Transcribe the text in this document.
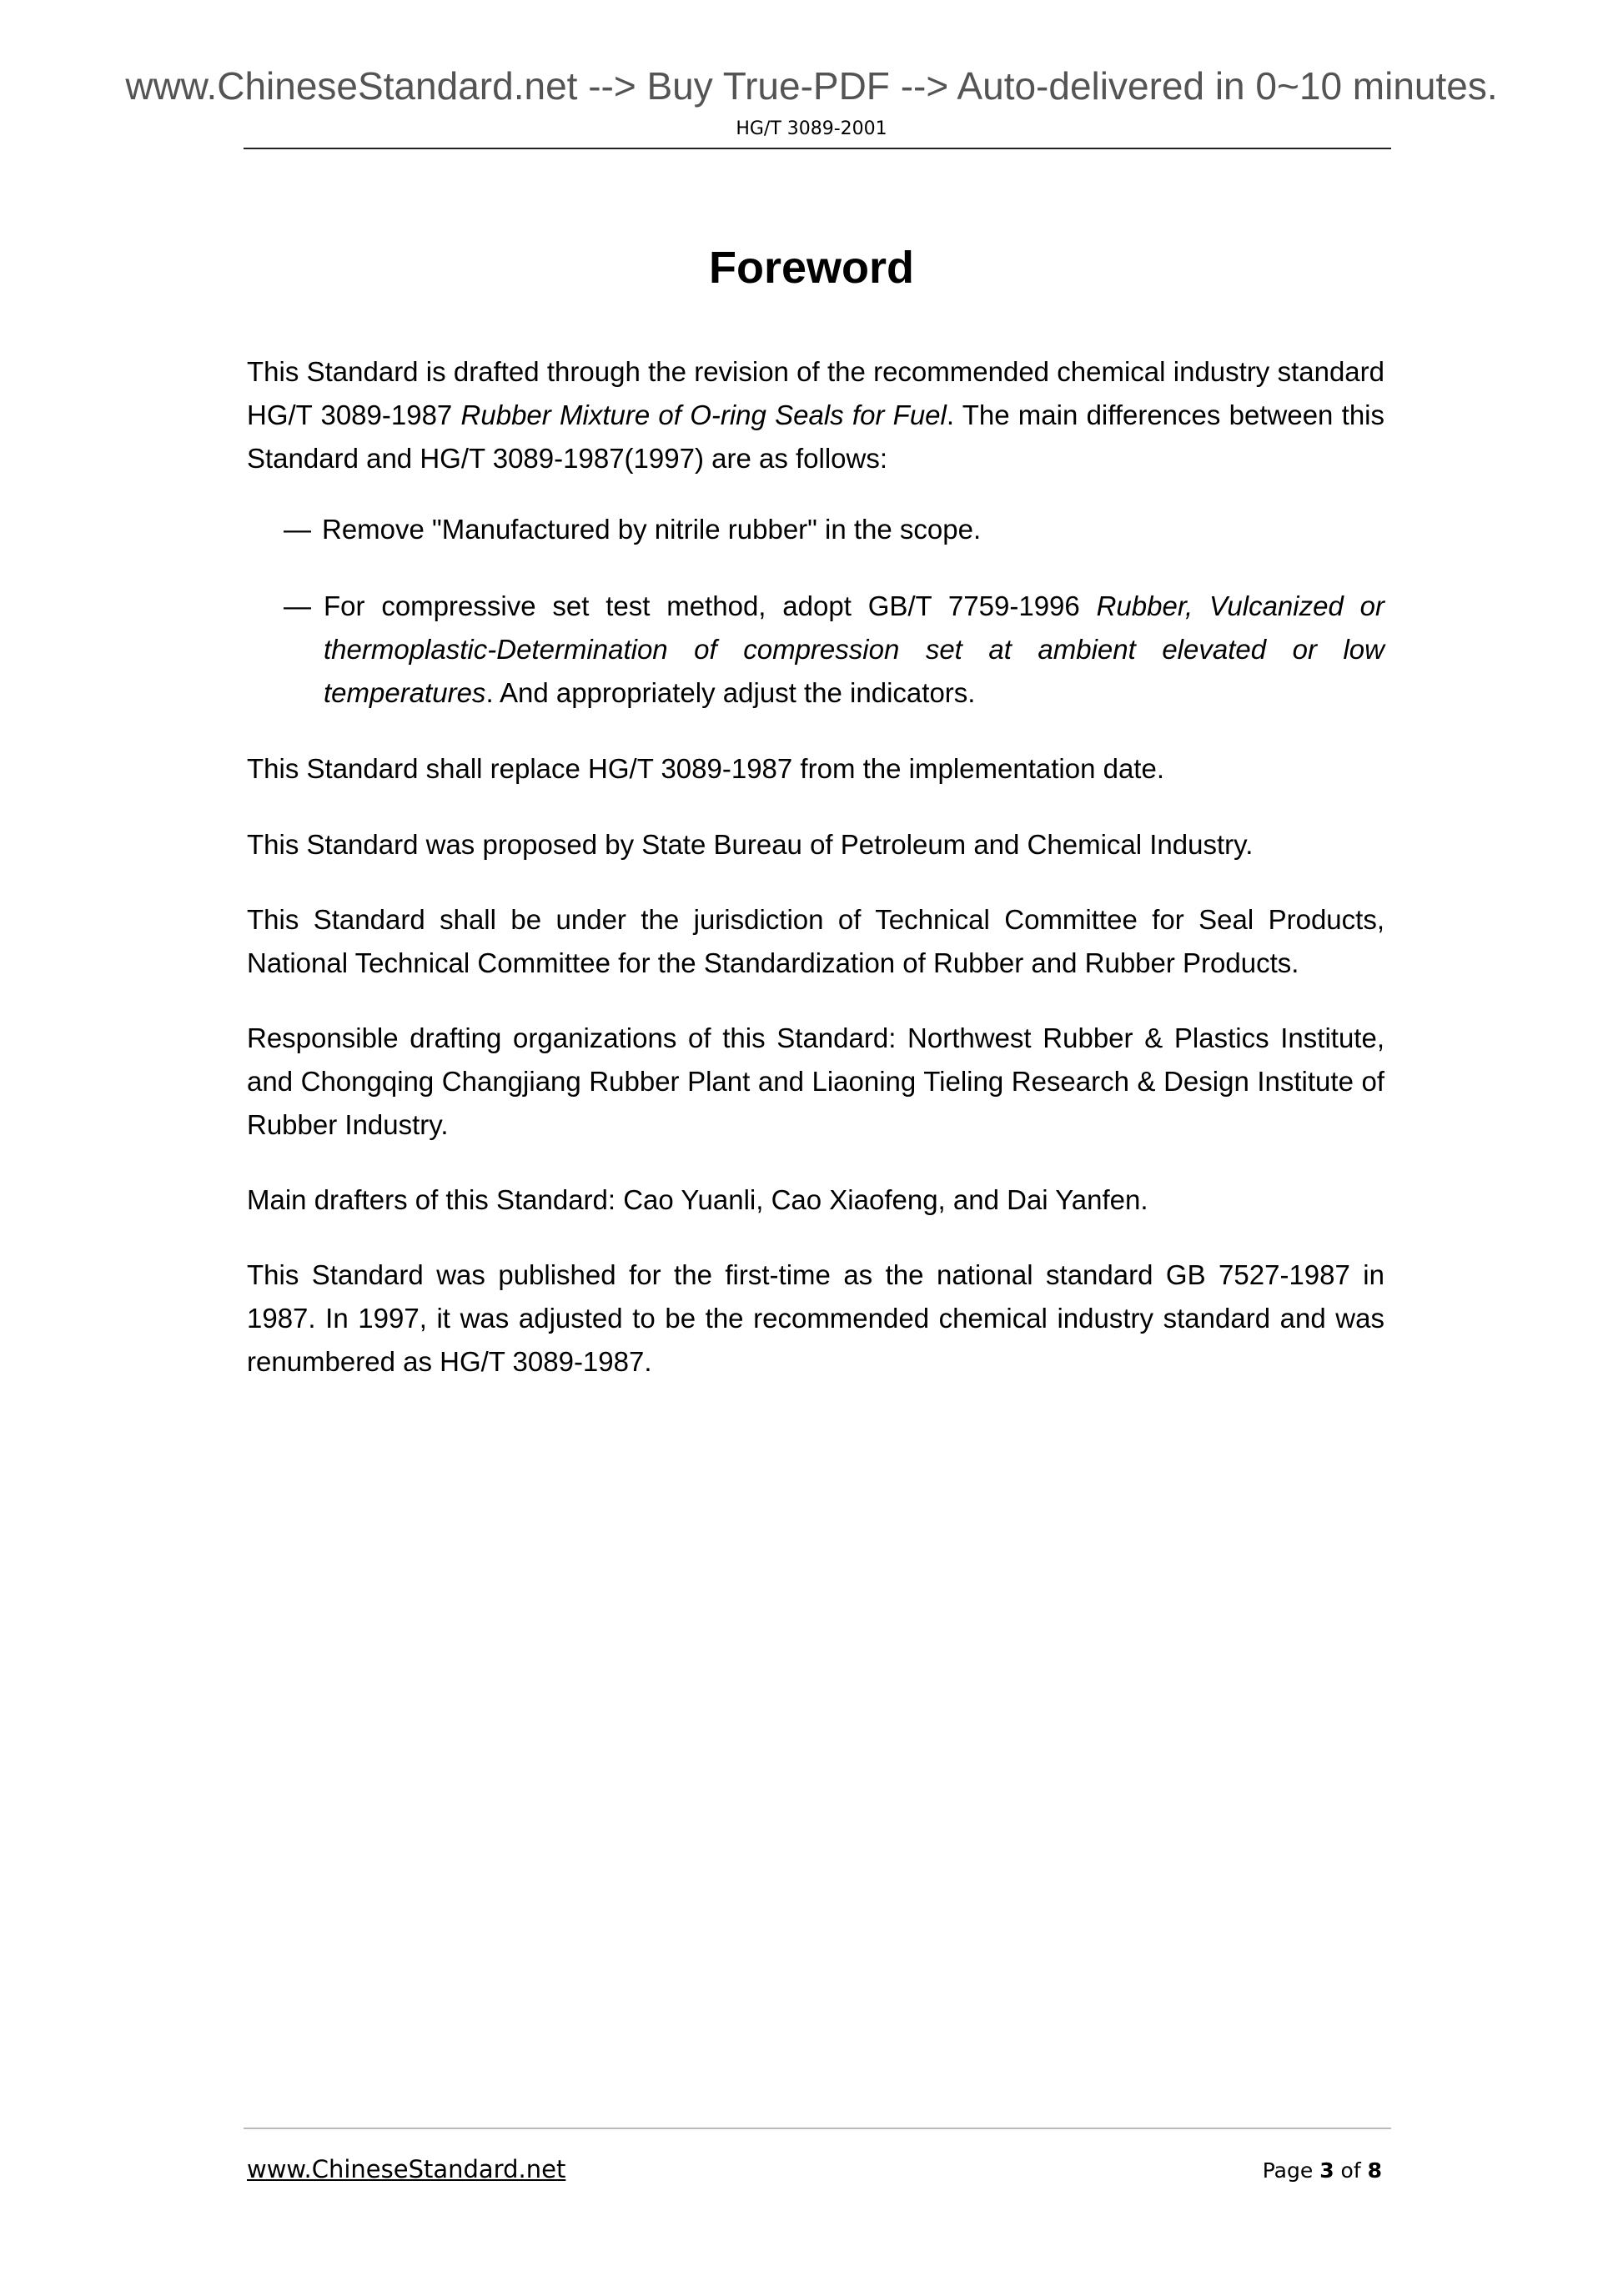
www.ChineseStandard.net --> Buy True-PDF --> Auto-delivered in 0~10 minutes.
HG/T 3089-2001
Foreword

This Standard is drafted through the revision of the recommended chemical industry standard HG/T 3089-1987 Rubber Mixture of O-ring Seals for Fuel. The main differences between this Standard and HG/T 3089-1987(1997) are as follows:

— Remove "Manufactured by nitrile rubber" in the scope.

— For compressive set test method, adopt GB/T 7759-1996 Rubber, Vulcanized or thermoplastic-Determination of compression set at ambient elevated or low temperatures. And appropriately adjust the indicators.

This Standard shall replace HG/T 3089-1987 from the implementation date.

This Standard was proposed by State Bureau of Petroleum and Chemical Industry.

This Standard shall be under the jurisdiction of Technical Committee for Seal Products, National Technical Committee for the Standardization of Rubber and Rubber Products.

Responsible drafting organizations of this Standard: Northwest Rubber & Plastics Institute, and Chongqing Changjiang Rubber Plant and Liaoning Tieling Research & Design Institute of Rubber Industry.

Main drafters of this Standard: Cao Yuanli, Cao Xiaofeng, and Dai Yanfen.

This Standard was published for the first-time as the national standard GB 7527-1987 in 1987. In 1997, it was adjusted to be the recommended chemical industry standard and was renumbered as HG/T 3089-1987.

www.ChineseStandard.net	Page 3 of 8
